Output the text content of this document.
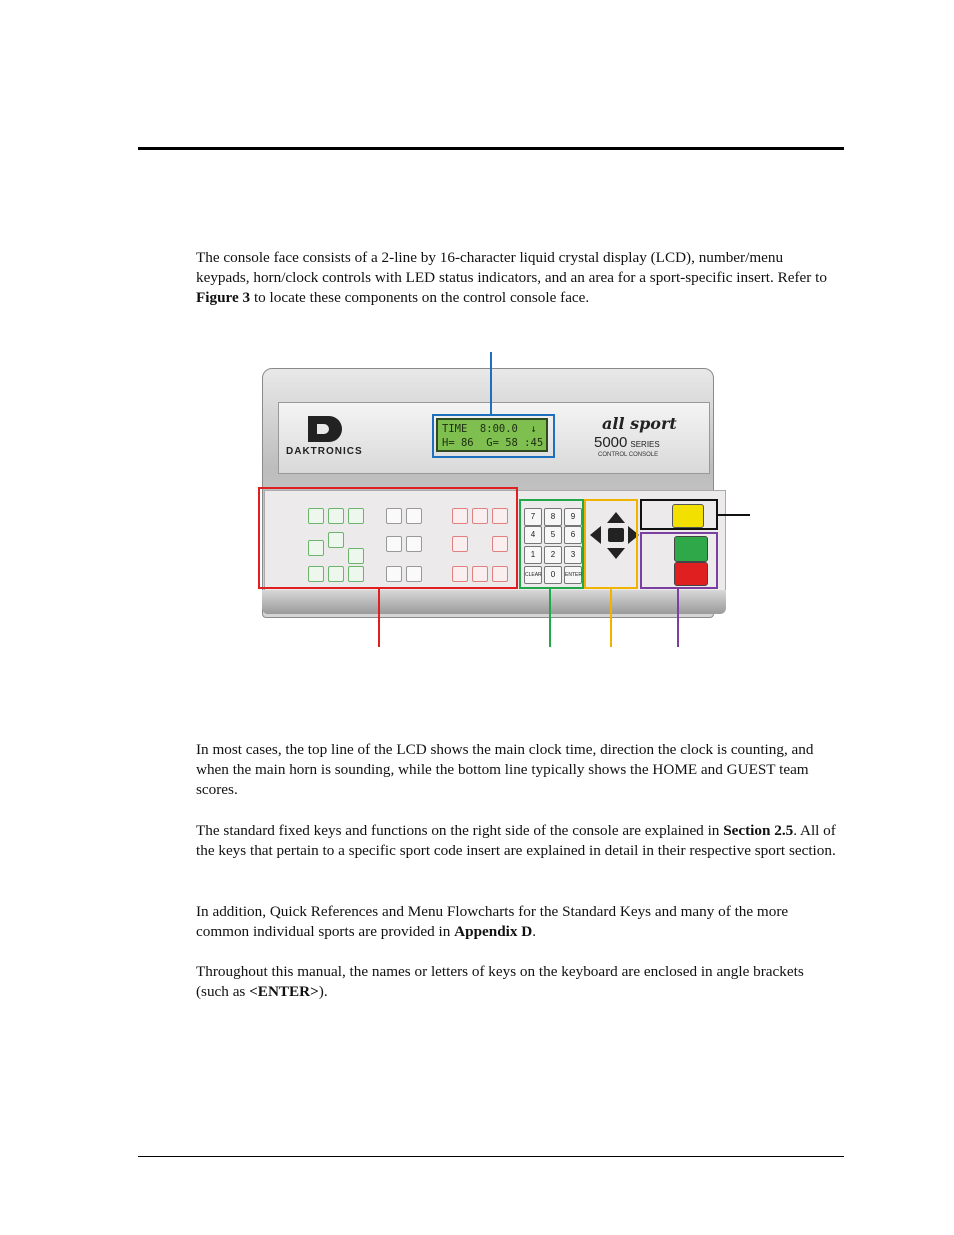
The console face consists of a 2-line by 16-character liquid crystal display (LCD), number/menu keypads, horn/clock controls with LED status indicators, and an area for a sport-specific insert. Refer to Figure 3 to locate these components on the control console face.

DAKTRONICS
TIME  8:00.0  ↓
H= 86  G= 58 :45
all sport
5000 SERIES
CONTROL CONSOLE
7	8	9
4	5	6
1	2	3
CLEAR	0	ENTER

In most cases, the top line of the LCD shows the main clock time, direction the clock is counting, and when the main horn is sounding, while the bottom line typically shows the HOME and GUEST team scores.

The standard fixed keys and functions on the right side of the console are explained in Section 2.5. All of the keys that pertain to a specific sport code insert are explained in detail in their respective sport section.

In addition, Quick References and Menu Flowcharts for the Standard Keys and many of the more common individual sports are provided in Appendix D.

Throughout this manual, the names or letters of keys on the keyboard are enclosed in angle brackets (such as <ENTER>).
